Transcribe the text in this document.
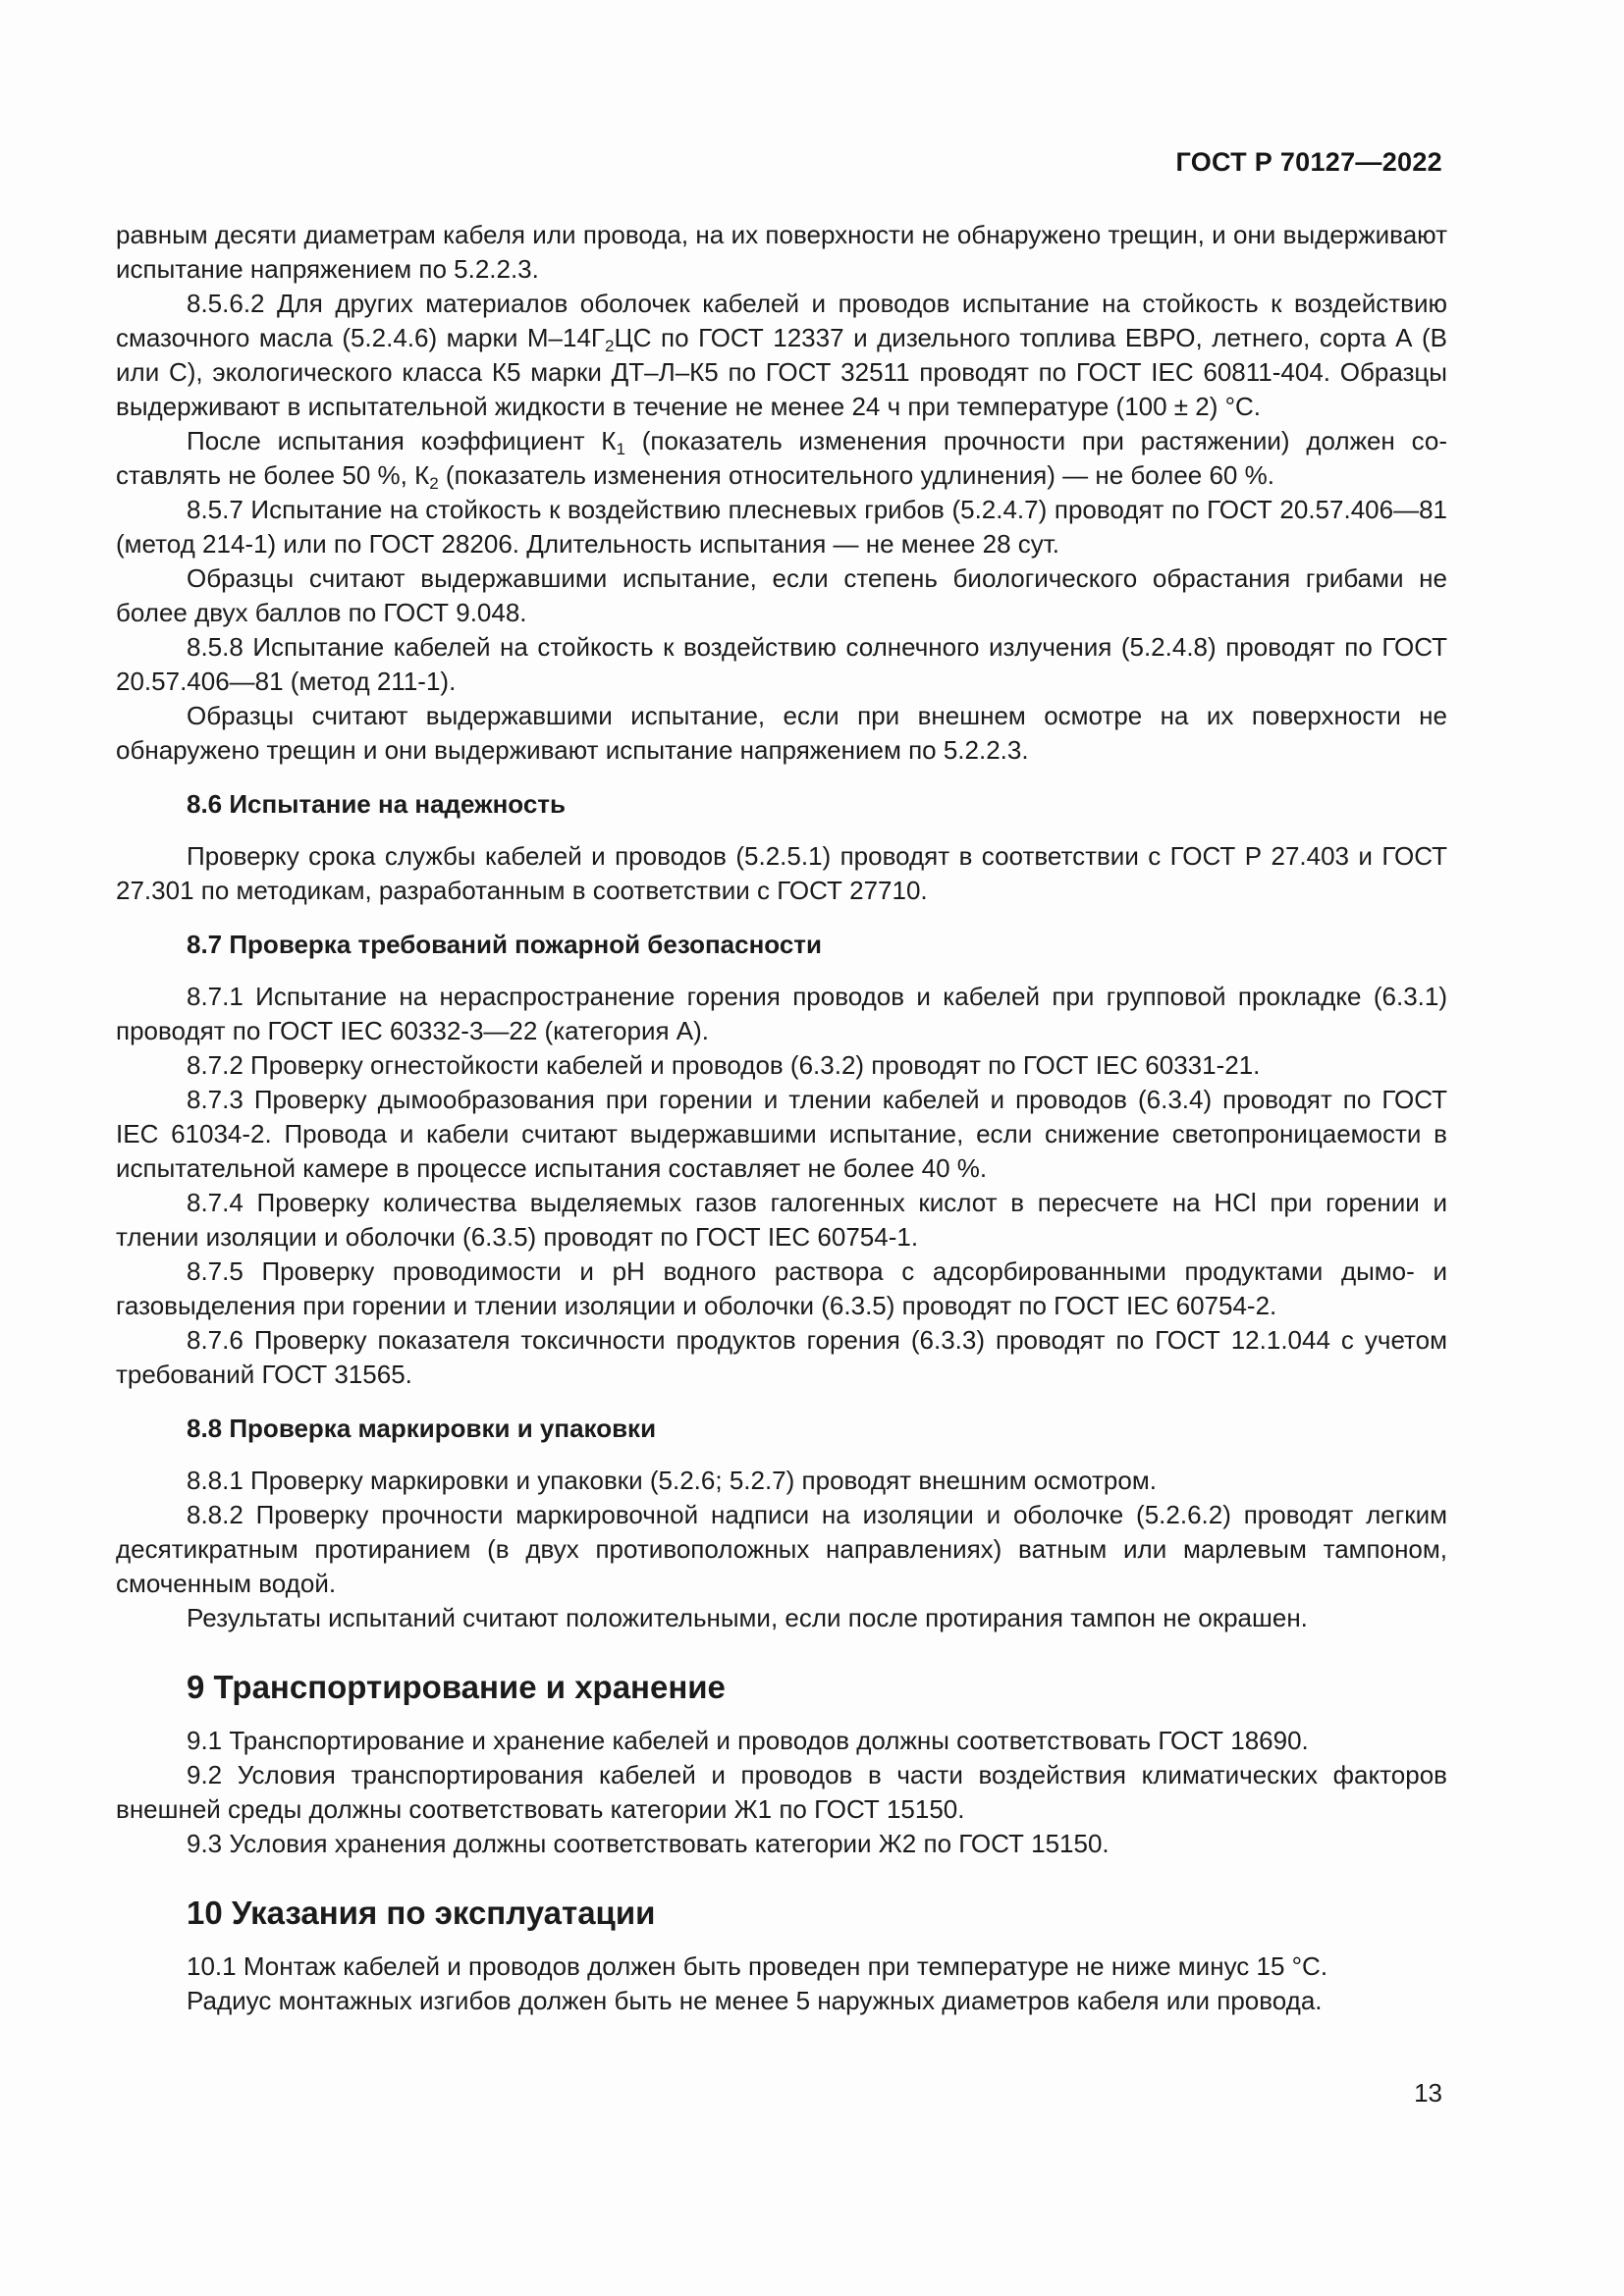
ГОСТ Р 70127—2022

равным десяти диаметрам кабеля или провода, на их поверхности не обнаружено трещин, и они выдерживают испытание напряжением по 5.2.2.3.

8.5.6.2 Для других материалов оболочек кабелей и проводов испытание на стойкость к воздействию смазочного масла (5.2.4.6) марки $М-14Г_2ЦС$ по ГОСТ 12337 и дизельного топлива ЕВРО, летнего, сорта А (В или С), экологического класса К5 марки ДТ–Л–К5 по ГОСТ 32511 проводят по ГОСТ IEC 60811-404. Образцы выдерживают в испытательной жидкости в течение не менее 24 ч при температуре (100 ± 2) °С.

После испытания коэффициент $К_1$ (показатель изменения прочности при растяжении) должен составлять не более 50 %, $К_2$ (показатель изменения относительного удлинения) — не более 60 %.

8.5.7 Испытание на стойкость к воздействию плесневых грибов (5.2.4.7) проводят по ГОСТ 20.57.406—81 (метод 214-1) или по ГОСТ 28206. Длительность испытания — не менее 28 сут.

Образцы считают выдержавшими испытание, если степень биологического обрастания грибами не более двух баллов по ГОСТ 9.048.

8.5.8 Испытание кабелей на стойкость к воздействию солнечного излучения (5.2.4.8) проводят по ГОСТ 20.57.406—81 (метод 211-1).

Образцы считают выдержавшими испытание, если при внешнем осмотре на их поверхности не обнаружено трещин и они выдерживают испытание напряжением по 5.2.2.3.

8.6 Испытание на надежность

Проверку срока службы кабелей и проводов (5.2.5.1) проводят в соответствии с ГОСТ Р 27.403 и ГОСТ 27.301 по методикам, разработанным в соответствии с ГОСТ 27710.

8.7 Проверка требований пожарной безопасности

8.7.1 Испытание на нераспространение горения проводов и кабелей при групповой прокладке (6.3.1) проводят по ГОСТ IEC 60332-3—22 (категория А).

8.7.2 Проверку огнестойкости кабелей и проводов (6.3.2) проводят по ГОСТ IEC 60331-21.

8.7.3 Проверку дымообразования при горении и тлении кабелей и проводов (6.3.4) проводят по ГОСТ IEC 61034-2. Провода и кабели считают выдержавшими испытание, если снижение светопроницаемости в испытательной камере в процессе испытания составляет не более 40 %.

8.7.4 Проверку количества выделяемых газов галогенных кислот в пересчете на HCl при горении и тлении изоляции и оболочки (6.3.5) проводят по ГОСТ IEC 60754-1.

8.7.5 Проверку проводимости и pH водного раствора с адсорбированными продуктами дымо- и газовыделения при горении и тлении изоляции и оболочки (6.3.5) проводят по ГОСТ IEC 60754-2.

8.7.6 Проверку показателя токсичности продуктов горения (6.3.3) проводят по ГОСТ 12.1.044 с учетом требований ГОСТ 31565.

8.8 Проверка маркировки и упаковки

8.8.1 Проверку маркировки и упаковки (5.2.6; 5.2.7) проводят внешним осмотром.

8.8.2 Проверку прочности маркировочной надписи на изоляции и оболочке (5.2.6.2) проводят легким десятикратным протиранием (в двух противоположных направлениях) ватным или марлевым тампоном, смоченным водой.

Результаты испытаний считают положительными, если после протирания тампон не окрашен.

9 Транспортирование и хранение

9.1 Транспортирование и хранение кабелей и проводов должны соответствовать ГОСТ 18690.

9.2 Условия транспортирования кабелей и проводов в части воздействия климатических факторов внешней среды должны соответствовать категории Ж1 по ГОСТ 15150.

9.3 Условия хранения должны соответствовать категории Ж2 по ГОСТ 15150.

10 Указания по эксплуатации

10.1 Монтаж кабелей и проводов должен быть проведен при температуре не ниже минус 15 °С.

Радиус монтажных изгибов должен быть не менее 5 наружных диаметров кабеля или провода.

13
